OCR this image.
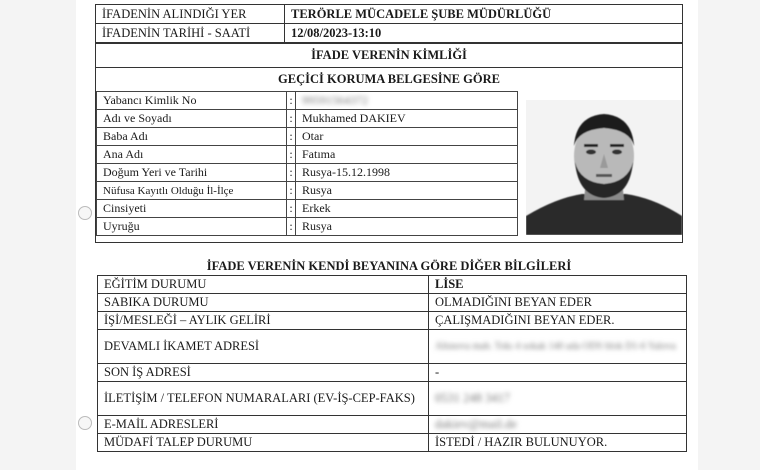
İFADENİN ALINDIĞI YER	TERÖRLE MÜCADELE ŞUBE MÜDÜRLÜĞÜ
İFADENİN TARİHİ - SAATİ	12/08/2023-13:10
İFADE VERENİN KİMLİĞİ
GEÇİCİ KORUMA BELGESİNE GÖRE
Yabancı Kimlik No	:	99591564372
Adı ve Soyadı	:	Mukhamed DAKIEV
Baba Adı	:	Otar
Ana Adı	:	Fatıma
Doğum Yeri ve Tarihi	:	Rusya-15.12.1998
Nüfusa Kayıtlı Olduğu İl-İlçe	:	Rusya
Cinsiyeti	:	Erkek
Uyruğu	:	Rusya
İFADE VERENİN KENDİ BEYANINA GÖRE DİĞER BİLGİLERİ
EĞİTİM DURUMU	LİSE
SABIKA DURUMU	OLMADIĞINI BEYAN EDER
İŞİ/MESLEĞİ – AYLIK GELİRİ	ÇALIŞMADIĞINI BEYAN EDER.
DEVAMLI İKAMET ADRESİ	Altınova mah. Tokı 4 sokak 140 ada ODS blok D1-6 Yalova
SON İŞ ADRESİ	-
İLETİŞİM / TELEFON NUMARALARI (EV-İŞ-CEP-FAKS)	0531 248 3417
E-MAİL ADRESLERİ	dakiev@mail.de
MÜDAFİ TALEP DURUMU	İSTEDİ / HAZIR BULUNUYOR.
